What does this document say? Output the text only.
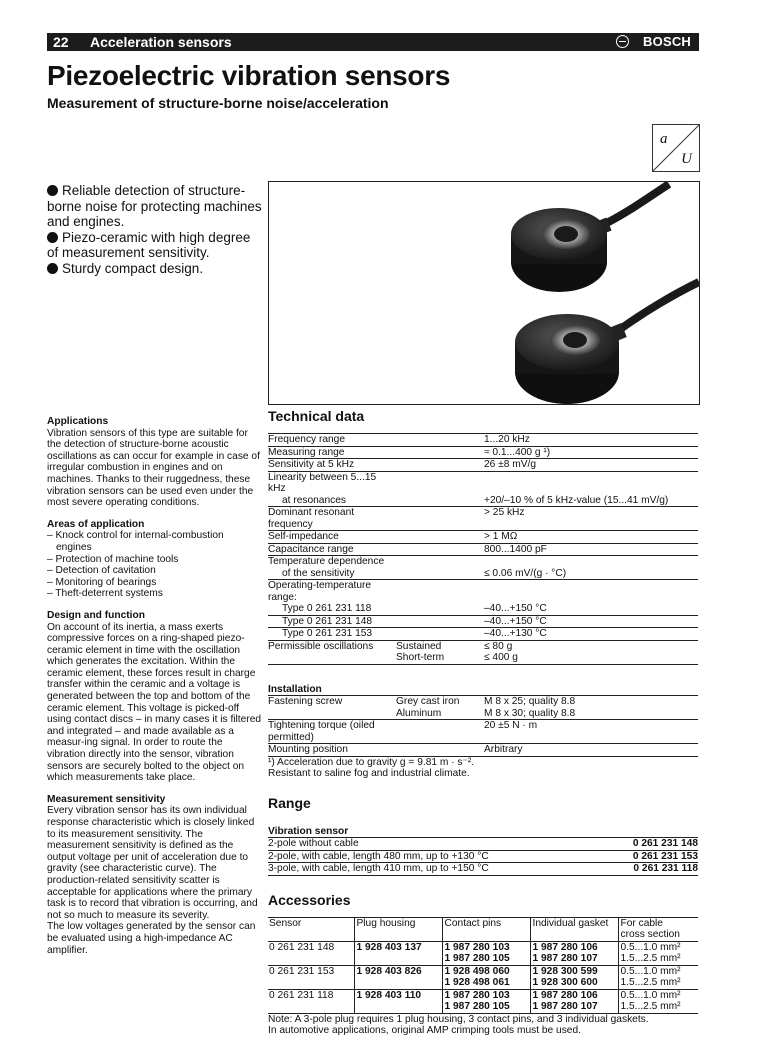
22 Acceleration sensors	BOSCH
Piezoelectric vibration sensors
Measurement of structure-borne noise/acceleration
a
U

Reliable detection of structure-borne noise for protecting machines and engines.

Piezo-ceramic with high degree of measurement sensitivity.

Sturdy compact design.

Applications

Vibration sensors of this type are suitable for the detection of structure-borne acoustic oscillations as can occur for example in case of irregular combustion in engines and on machines. Thanks to their ruggedness, these vibration sensors can be used even under the most severe operating conditions.

Areas of application

– Knock control for internal-combustion engines

– Protection of machine tools

– Detection of cavitation

– Monitoring of bearings

– Theft-deterrent systems

Design and function

On account of its inertia, a mass exerts compressive forces on a ring-shaped piezo-ceramic element in time with the oscillation which generates the excitation. Within the ceramic element, these forces result in charge transfer within the ceramic and a voltage is generated between the top and bottom of the ceramic element. This voltage is picked-off using contact discs – in many cases it is filtered and integrated – and made available as a measur-ing signal. In order to route the vibration directly into the sensor, vibration sensors are securely bolted to the object on which measurements take place.

Measurement sensitivity

Every vibration sensor has its own individual response characteristic which is closely linked to its measurement sensitivity. The measurement sensitivity is defined as the output voltage per unit of acceleration due to gravity (see characteristic curve). The production-related sensitivity scatter is acceptable for applications where the primary task is to record that vibration is occurring, and not so much to measure its severity.

The low voltages generated by the sensor can be evaluated using a high-impedance AC amplifier.

Technical data
Frequency range		1...20 kHz
Measuring range		≈ 0.1...400 g ¹)
Sensitivity at 5 kHz		26 ±8 mV/g
Linearity between 5...15 kHz		
at resonances		+20/–10 % of 5 kHz-value (15...41 mV/g)
Dominant resonant frequency		> 25 kHz
Self-impedance		> 1 MΩ
Capacitance range		800...1400 pF
Temperature dependence		
of the sensitivity		≤ 0.06 mV/(g · °C)
Operating-temperature range:		
Type 0 261 231 118		–40...+150 °C
Type 0 261 231 148		–40...+150 °C
Type 0 261 231 153		–40...+130 °C
Permissible oscillations	Sustained	≤ 80 g
	Short-term	≤ 400 g
Installation
Fastening screw	Grey cast iron	M 8 x 25; quality 8.8
	Aluminum	M 8 x 30; quality 8.8
Tightening torque (oiled permitted)		20 ±5 N · m
Mounting position		Arbitrary
¹) Acceleration due to gravity g = 9.81 m · s⁻².
Resistant to saline fog and industrial climate.
Range
Vibration sensor
2-pole without cable	0 261 231 148
2-pole, with cable, length 480 mm, up to +130 °C	0 261 231 153
3-pole, with cable, length 410 mm, up to +150 °C	0 261 231 118
Accessories
Sensor	Plug housing	Contact pins	Individual gasket	For cable
cross section

0 261 231 148	1 928 403 137	1 987 280 103	1 987 280 106	0.5...1.0 mm²
		1 987 280 105	1 987 280 107	1.5...2.5 mm²
0 261 231 153	1 928 403 826	1 928 498 060	1 928 300 599	0.5...1.0 mm²
		1 928 498 061	1 928 300 600	1.5...2.5 mm²
0 261 231 118	1 928 403 110	1 987 280 103	1 987 280 106	0.5...1.0 mm²
		1 987 280 105	1 987 280 107	1.5...2.5 mm²
Note: A 3-pole plug requires 1 plug housing, 3 contact pins, and 3 individual gaskets.
In automotive applications, original AMP crimping tools must be used.
